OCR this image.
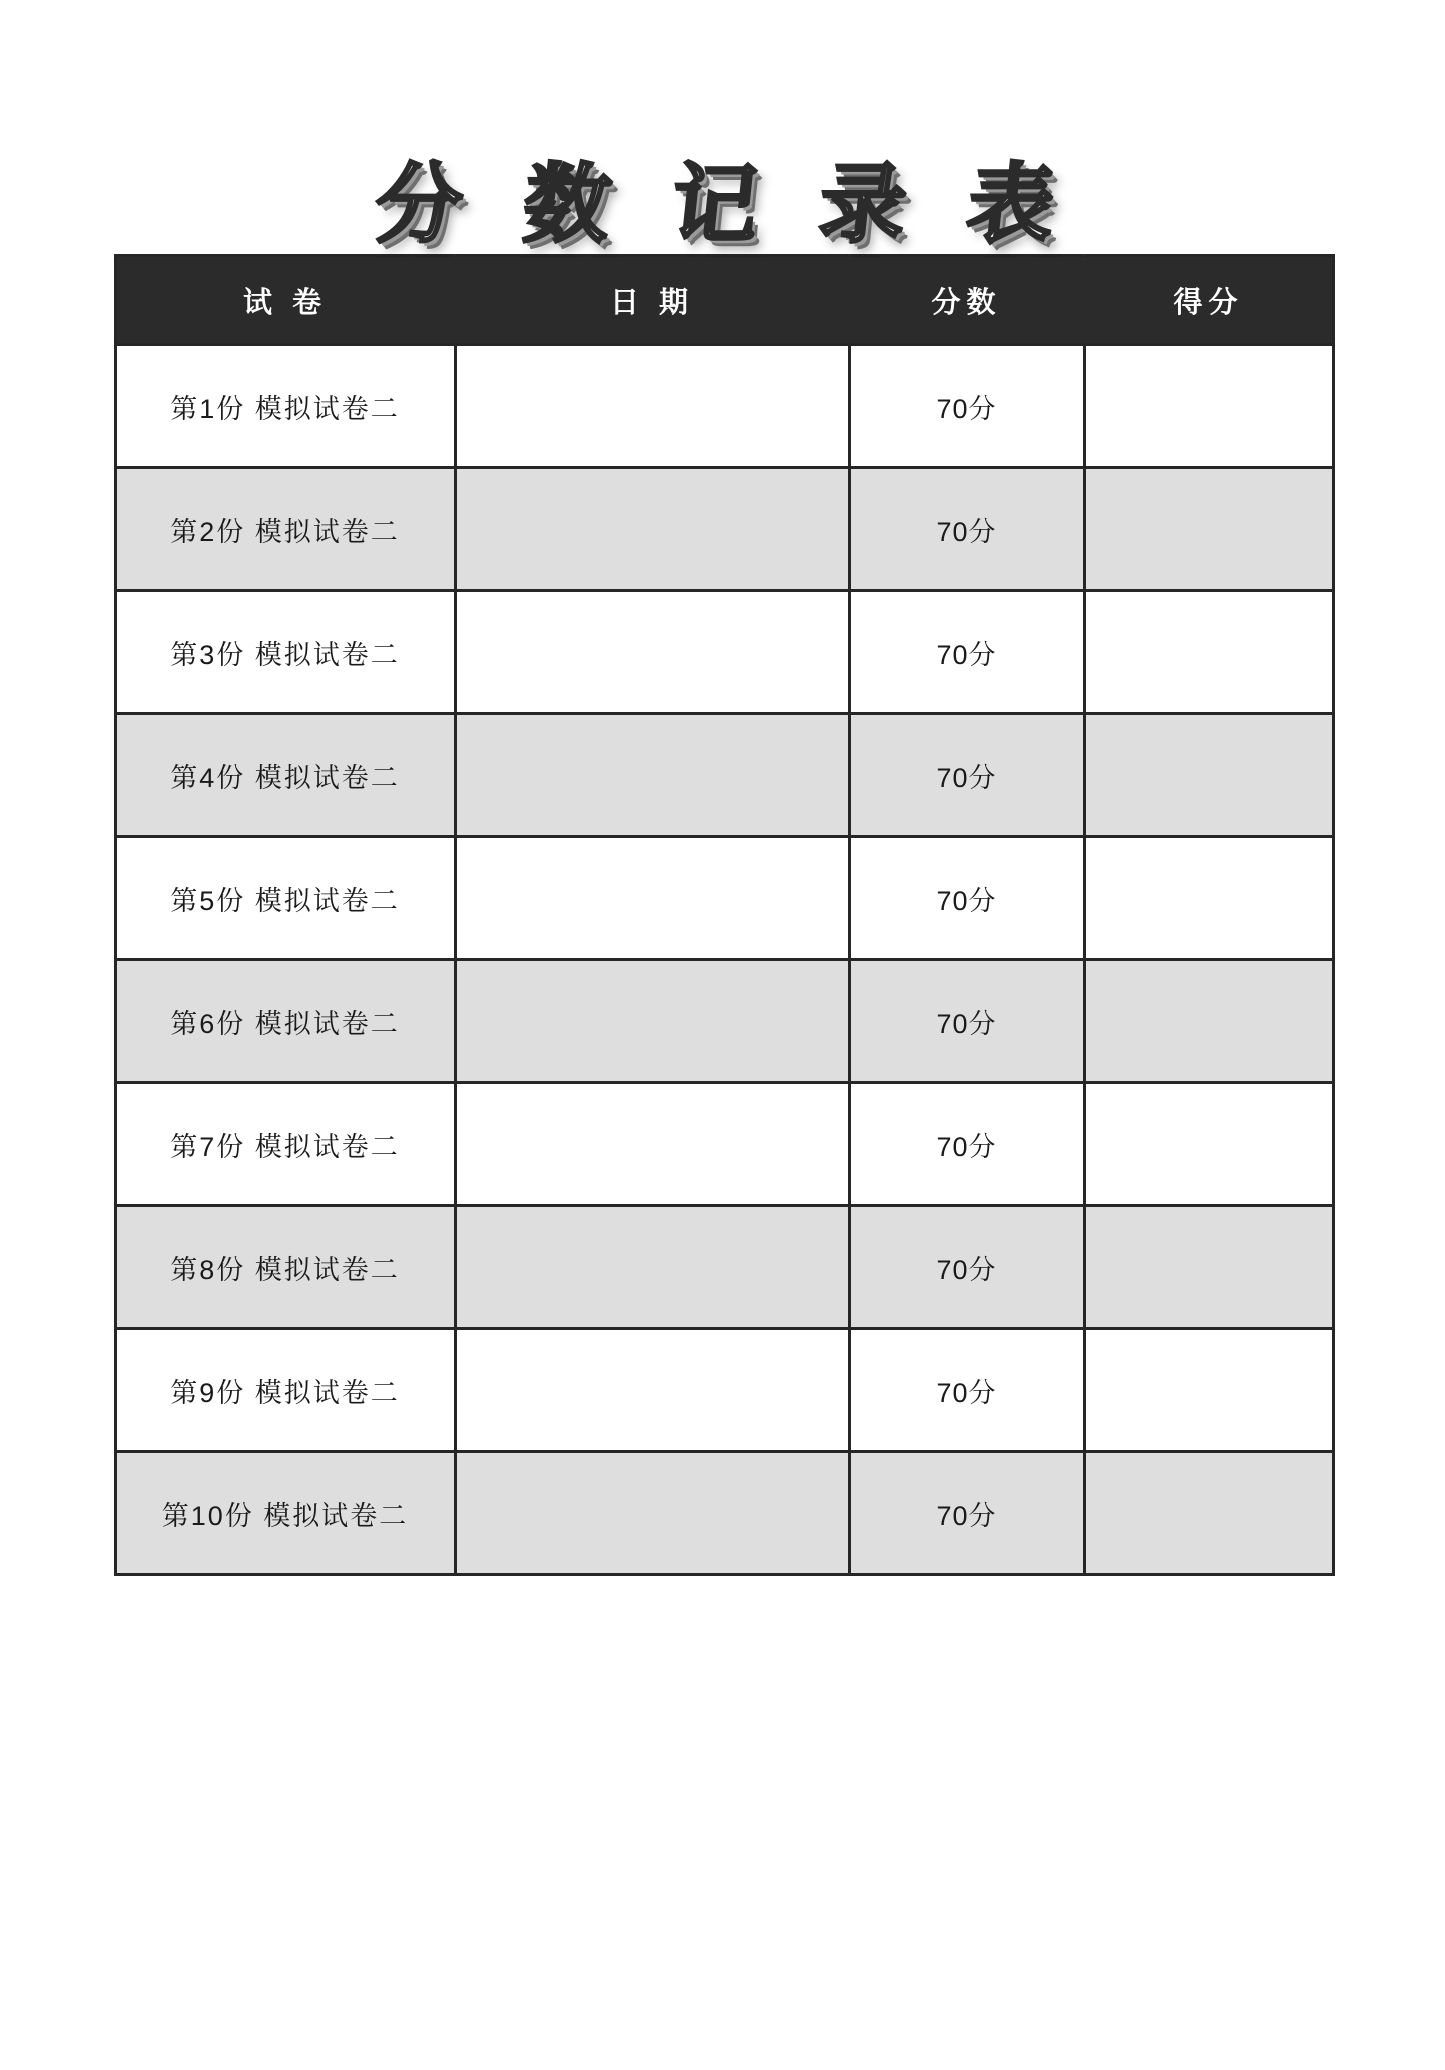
分 数 记 录 表
试 卷	日 期	分数	得分
第1份 模拟试卷二		70分	
第2份 模拟试卷二		70分	
第3份 模拟试卷二		70分	
第4份 模拟试卷二		70分	
第5份 模拟试卷二		70分	
第6份 模拟试卷二		70分	
第7份 模拟试卷二		70分	
第8份 模拟试卷二		70分	
第9份 模拟试卷二		70分	
第10份 模拟试卷二		70分	
